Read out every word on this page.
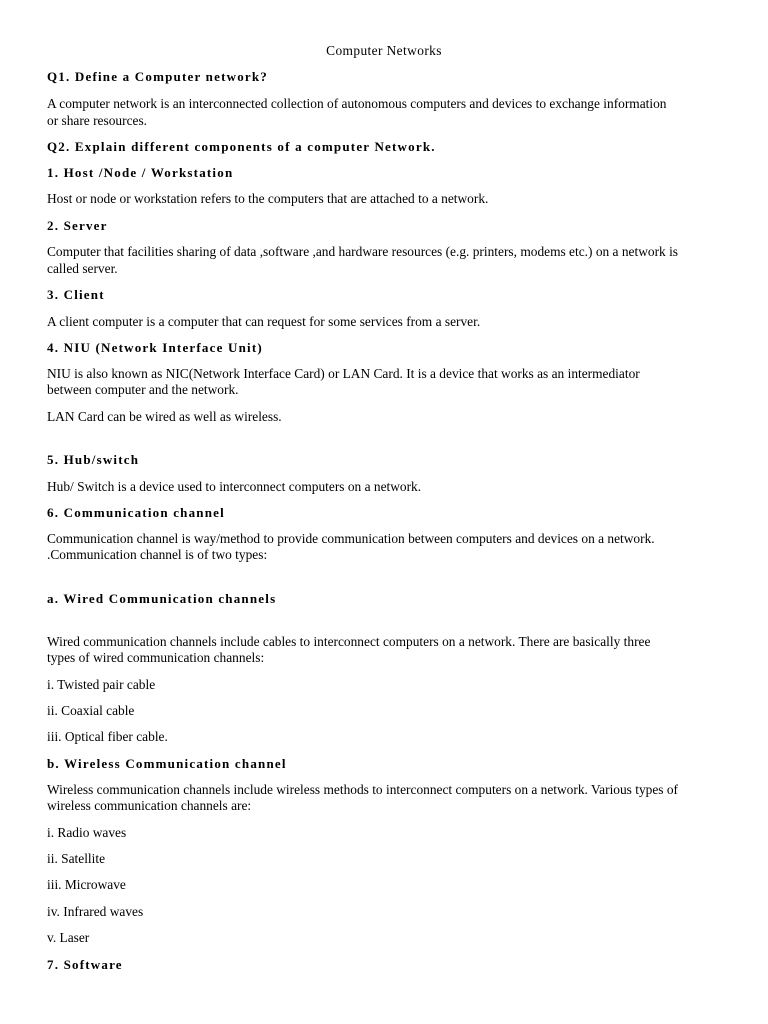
Computer Networks
Q1. Define a Computer network?
A computer network is an interconnected collection of autonomous computers and devices to exchange information
or share resources.
Q2. Explain different components of a computer Network.
1. Host /Node / Workstation
Host or node or workstation refers to the computers that are attached to a network.
2. Server
Computer that facilities sharing of data ,software ,and hardware resources (e.g. printers, modems etc.) on a network is
called server.
3. Client
A client computer is a computer that can request for some services from a server.
4. NIU (Network Interface Unit)
NIU is also known as NIC(Network Interface Card) or LAN Card. It is a device that works as an intermediator
between computer and the network.
LAN Card can be wired as well as wireless.
5. Hub/switch
Hub/ Switch is a device used to interconnect computers on a network.
6. Communication channel
Communication channel is way/method to provide communication between computers and devices on a network.
.Communication channel is of two types:
a. Wired Communication channels
Wired communication channels include cables to interconnect computers on a network. There are basically three
types of wired communication channels:
i. Twisted pair cable
ii. Coaxial cable
iii. Optical fiber cable.
b. Wireless Communication channel
Wireless communication channels include wireless methods to interconnect computers on a network. Various types of
wireless communication channels are:
i. Radio waves
ii. Satellite
iii. Microwave
iv. Infrared waves
v. Laser
7. Software
